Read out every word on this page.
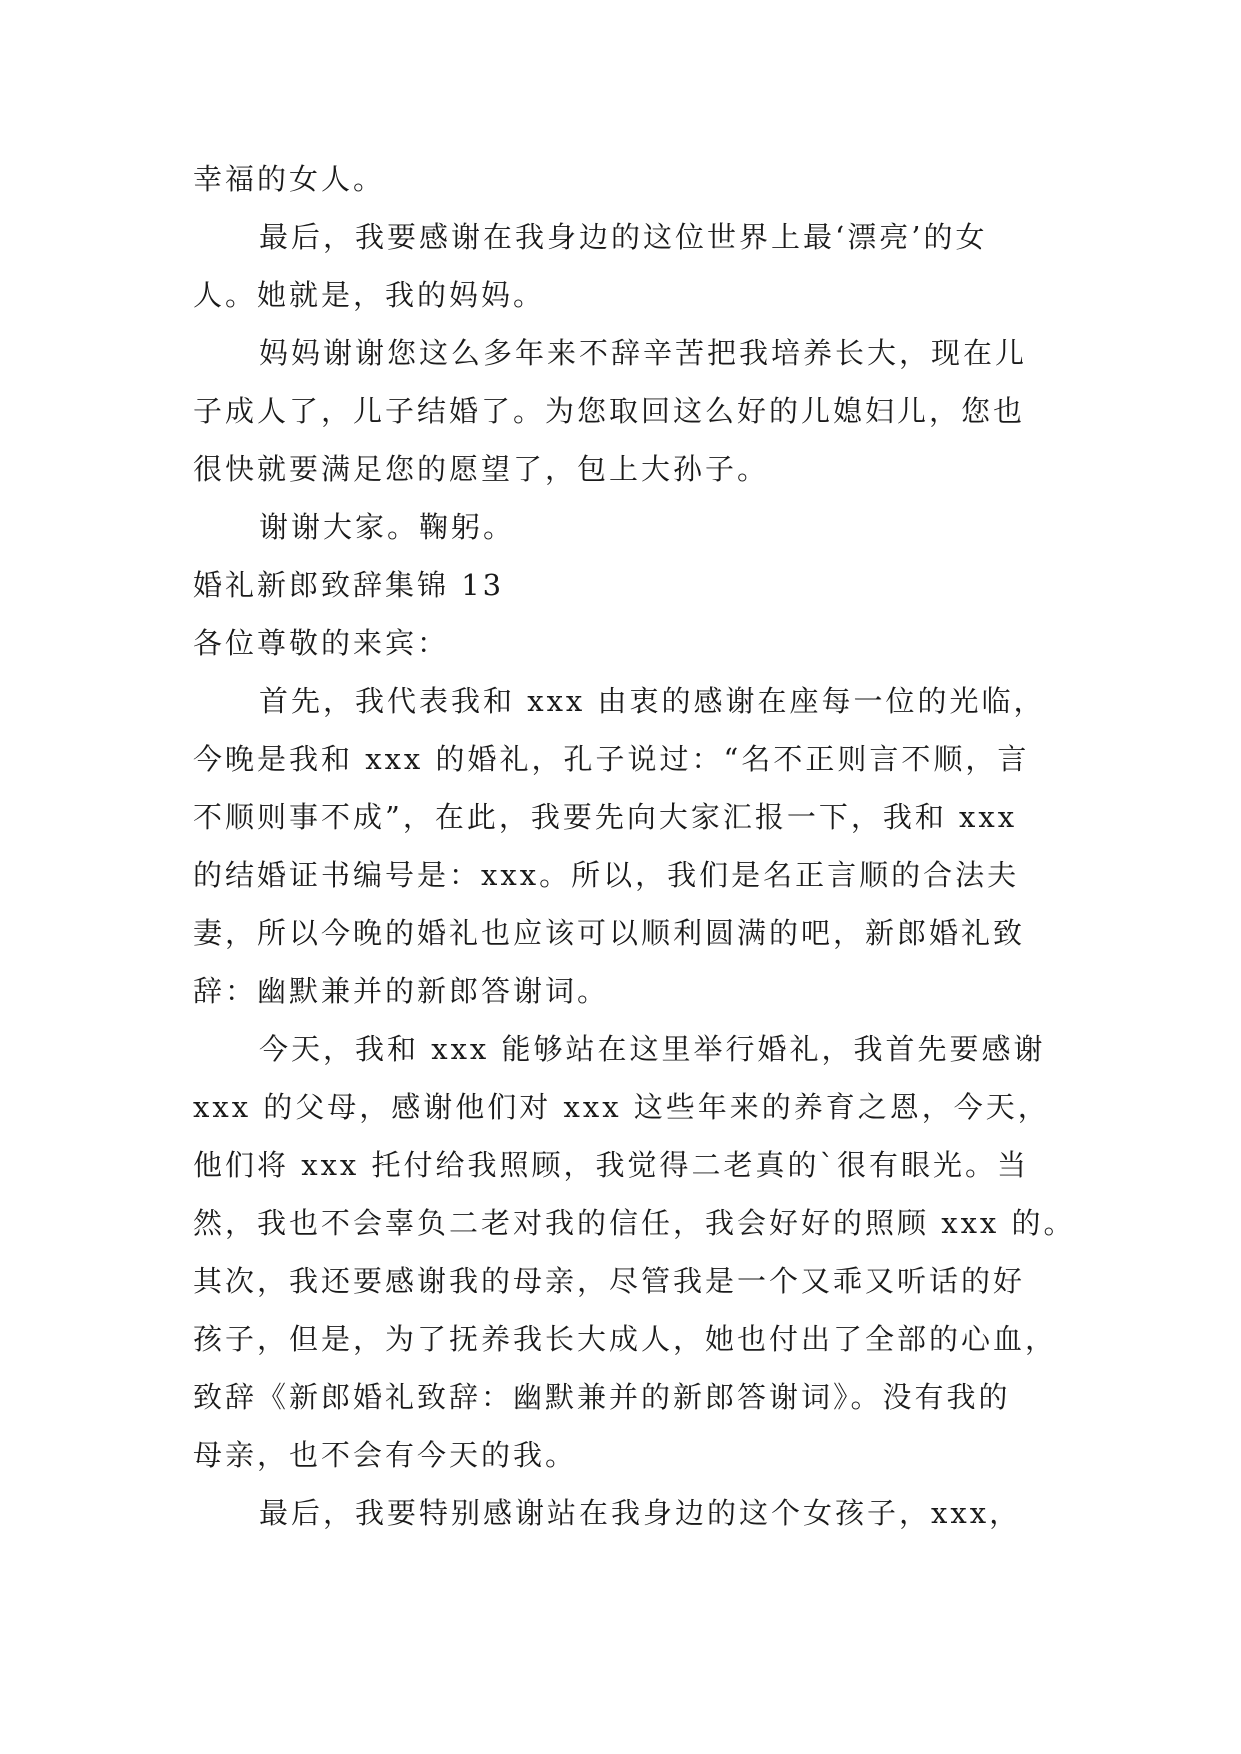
幸福的女人。
最后，我要感谢在我身边的这位世界上最‘漂亮’的女
人。她就是，我的妈妈。
妈妈谢谢您这么多年来不辞辛苦把我培养长大，现在儿
子成人了，儿子结婚了。为您取回这么好的儿媳妇儿，您也
很快就要满足您的愿望了，包上大孙子。
谢谢大家。鞠躬。
婚礼新郎致辞集锦 13
各位尊敬的来宾：
首先，我代表我和 xxx 由衷的感谢在座每一位的光临，
今晚是我和 xxx 的婚礼，孔子说过：“名不正则言不顺，言
不顺则事不成”，在此，我要先向大家汇报一下，我和 xxx
的结婚证书编号是：xxx。所以，我们是名正言顺的合法夫
妻，所以今晚的婚礼也应该可以顺利圆满的吧，新郎婚礼致
辞：幽默兼并的新郎答谢词。
今天，我和 xxx 能够站在这里举行婚礼，我首先要感谢
xxx 的父母，感谢他们对 xxx 这些年来的养育之恩，今天，
他们将 xxx 托付给我照顾，我觉得二老真的`很有眼光。当
然，我也不会辜负二老对我的信任，我会好好的照顾 xxx 的。
其次，我还要感谢我的母亲，尽管我是一个又乖又听话的好
孩子，但是，为了抚养我长大成人，她也付出了全部的心血，
致辞《新郎婚礼致辞：幽默兼并的新郎答谢词》。没有我的
母亲，也不会有今天的我。
最后，我要特别感谢站在我身边的这个女孩子，xxx，
